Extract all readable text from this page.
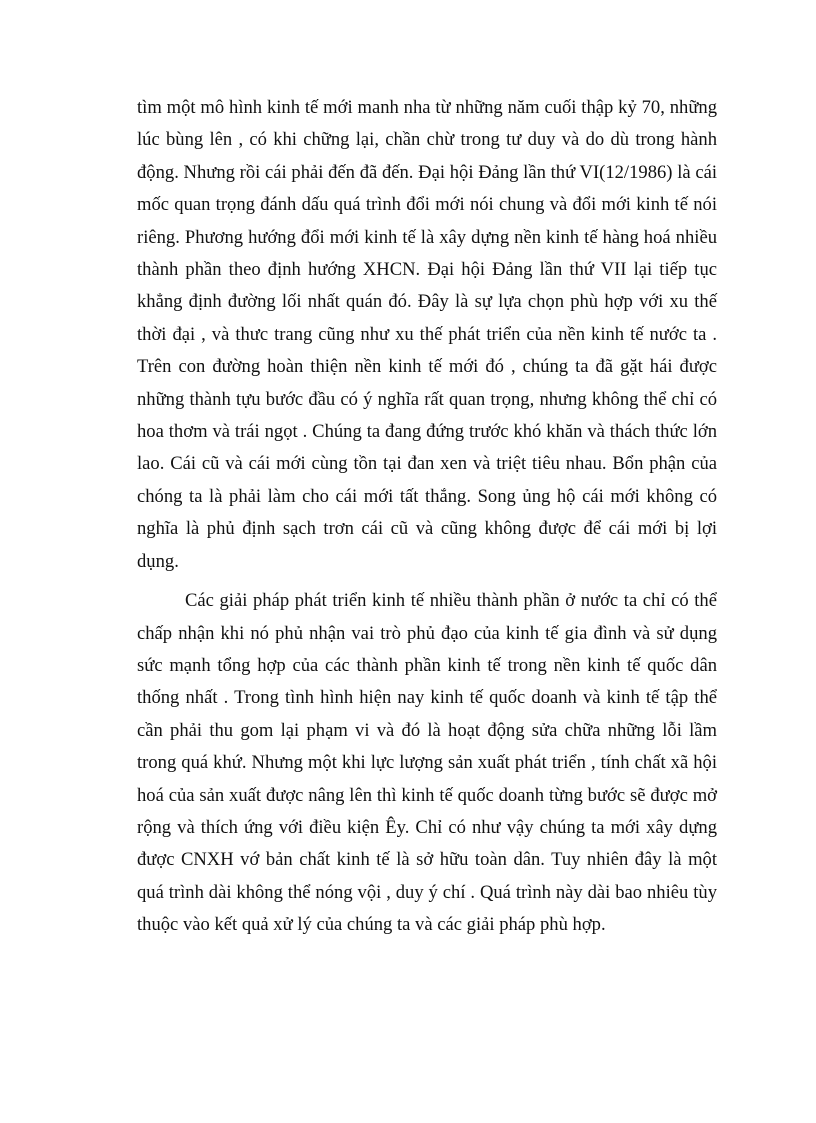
tìm một mô hình kinh tế mới manh nha từ những năm cuối thập kỷ 70, những lúc bùng lên , có khi chững lại, chần chừ trong tư duy và do dù trong hành động. Nhưng rồi cái phải đến đã đến. Đại hội Đảng lần thứ VI(12/1986) là cái mốc quan trọng đánh dấu quá trình đổi mới nói chung và đổi mới kinh tế nói riêng. Phương hướng đổi mới kinh tế là xây dựng nền kinh tế hàng hoá nhiều thành phần theo định hướng XHCN. Đại hội Đảng lần thứ VII lại tiếp tục khẳng định đường lối nhất quán đó. Đây là sự lựa chọn phù hợp với xu thế thời đại , và thưc trang cũng như xu thế phát triển của nền kinh tế nước ta . Trên con đường hoàn thiện nền kinh tế mới đó , chúng ta đã gặt hái được những thành tựu bước đầu có ý nghĩa rất quan trọng, nhưng không thể chỉ có hoa thơm và trái ngọt . Chúng ta đang đứng trước khó khăn và thách thức lớn lao. Cái cũ và cái mới cùng tồn tại đan xen và triệt tiêu nhau. Bổn phận của chóng ta là phải làm cho cái mới tất thắng. Song ủng hộ cái mới không có nghĩa là phủ định sạch trơn cái cũ và cũng không được để cái mới bị lợi dụng.

Các giải pháp phát triển kinh tế nhiều thành phần ở nước ta chỉ có thể chấp nhận khi nó phủ nhận vai trò phủ đạo của kinh tế gia đình và sử dụng sức mạnh tổng hợp của các thành phần kinh tế trong nền kinh tế quốc dân thống nhất . Trong tình hình hiện nay kinh tế quốc doanh và kinh tế tập thể cần phải thu gom lại phạm vi và đó là hoạt động sửa chữa những lỗi lầm trong quá khứ. Nhưng một khi lực lượng sản xuất phát triển , tính chất xã hội hoá của sản xuất được nâng lên thì kinh tế quốc doanh từng bước sẽ được mở rộng và thích ứng với điều kiện Êy. Chỉ có như vậy chúng ta mới xây dựng được CNXH vớ bản chất kinh tế là sở hữu toàn dân. Tuy nhiên đây là một quá trình dài không thể nóng vội , duy ý chí . Quá trình này dài bao nhiêu tùy thuộc vào kết quả xử lý của chúng ta và các giải pháp phù hợp.
